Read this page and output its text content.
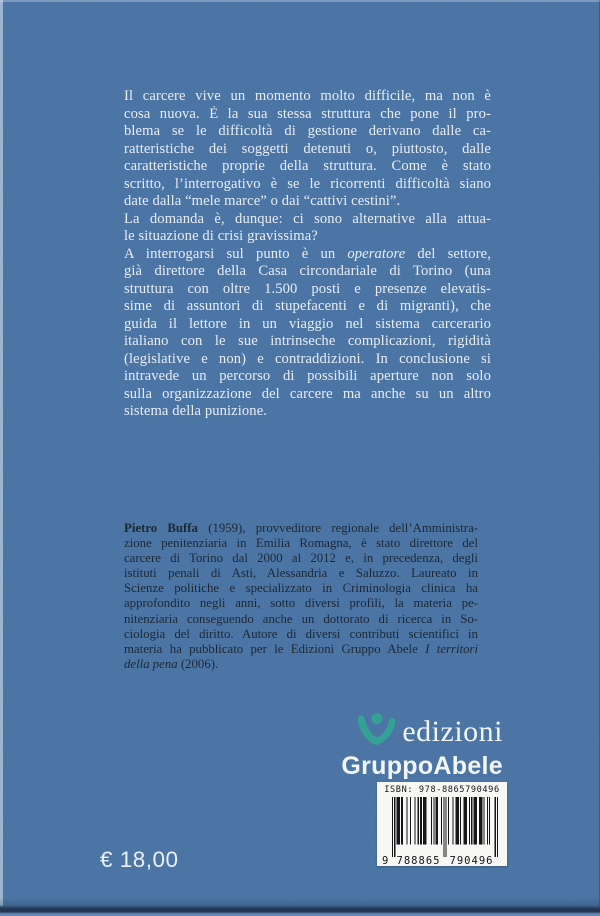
Il carcere vive un momento molto difficile, ma non è
cosa nuova. È la sua stessa struttura che pone il pro-
blema se le difficoltà di gestione derivano dalle ca-
ratteristiche dei soggetti detenuti o, piuttosto, dalle
caratteristiche proprie della struttura. Come è stato
scritto, l’interrogativo è se le ricorrenti difficoltà siano
date dalla “mele marce” o dai “cattivi cestini”.
La domanda è, dunque: ci sono alternative alla attua-
le situazione di crisi gravissima?
A interrogarsi sul punto è un operatore del settore,
già direttore della Casa circondariale di Torino (una
struttura con oltre 1.500 posti e presenze elevatis-
sime di assuntori di stupefacenti e di migranti), che
guida il lettore in un viaggio nel sistema carcerario
italiano con le sue intrinseche complicazioni, rigidità
(legislative e non) e contraddizioni. In conclusione si
intravede un percorso di possibili aperture non solo
sulla organizzazione del carcere ma anche su un altro
sistema della punizione.
Pietro Buffa (1959), provveditore regionale dell’Amministra-
zione penitenziaria in Emilia Romagna, è stato direttore del
carcere di Torino dal 2000 al 2012 e, in precedenza, degli
istituti penali di Asti, Alessandria e Saluzzo. Laureato in
Scienze politiche e specializzato in Criminologia clinica ha
approfondito negli anni, sotto diversi profili, la materia pe-
nitenziaria conseguendo anche un dottorato di ricerca in So-
ciologia del diritto. Autore di diversi contributi scientifici in
materia ha pubblicato per le Edizioni Gruppo Abele I territori
della pena (2006).
edizioni
GruppoAbele
ISBN: 978-8865790496
9 788865 790496
€ 18,00
